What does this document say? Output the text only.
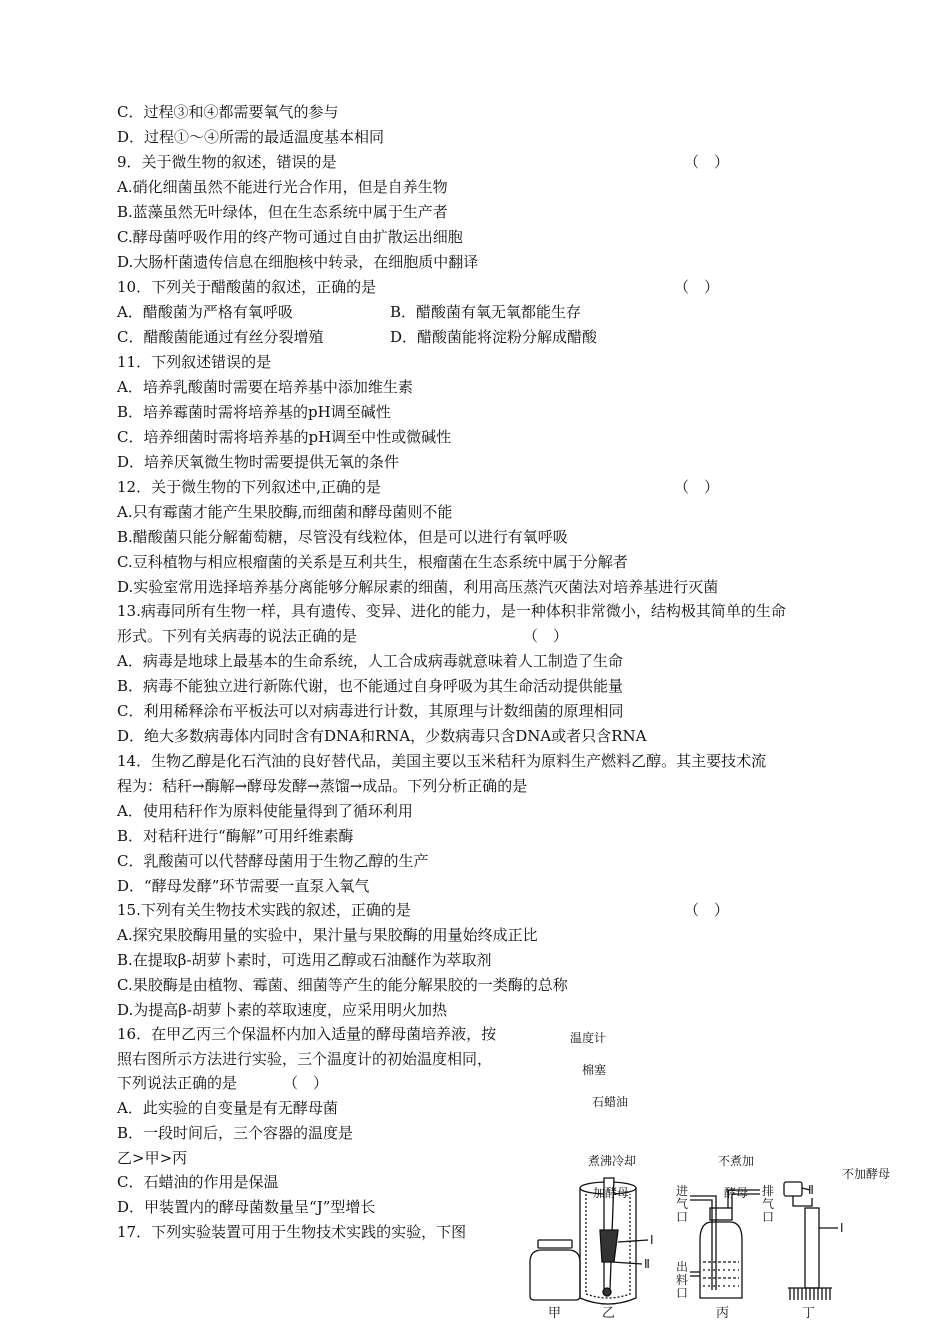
C．过程③和④都需要氧气的参与
D．过程①～④所需的最适温度基本相同
9．关于微生物的叙述，错误的是	（　）
A.硝化细菌虽然不能进行光合作用，但是自养生物
B.蓝藻虽然无叶绿体，但在生态系统中属于生产者
C.酵母菌呼吸作用的终产物可通过自由扩散运出细胞
D.大肠杆菌遗传信息在细胞核中转录，在细胞质中翻译
10．下列关于醋酸菌的叙述，正确的是	（　）
A．醋酸菌为严格有氧呼吸	B．醋酸菌有氧无氧都能生存
C．醋酸菌能通过有丝分裂增殖	D．醋酸菌能将淀粉分解成醋酸
11．下列叙述错误的是
A．培养乳酸菌时需要在培养基中添加维生素
B．培养霉菌时需将培养基的pH调至碱性
C．培养细菌时需将培养基的pH调至中性或微碱性
D．培养厌氧微生物时需要提供无氧的条件
12．关于微生物的下列叙述中,正确的是	（　）
A.只有霉菌才能产生果胶酶,而细菌和酵母菌则不能
B.醋酸菌只能分解葡萄糖，尽管没有线粒体，但是可以进行有氧呼吸
C.豆科植物与相应根瘤菌的关系是互利共生，根瘤菌在生态系统中属于分解者
D.实验室常用选择培养基分离能够分解尿素的细菌，利用高压蒸汽灭菌法对培养基进行灭菌
13.病毒同所有生物一样，具有遗传、变异、进化的能力，是一种体积非常微小，结构极其简单的生命
形式。下列有关病毒的说法正确的是	（　）
A．病毒是地球上最基本的生命系统，人工合成病毒就意味着人工制造了生命
B．病毒不能独立进行新陈代谢，也不能通过自身呼吸为其生命活动提供能量
C．利用稀释涂布平板法可以对病毒进行计数，其原理与计数细菌的原理相同
D．绝大多数病毒体内同时含有DNA和RNA，少数病毒只含DNA或者只含RNA
14．生物乙醇是化石汽油的良好替代品，美国主要以玉米秸秆为原料生产燃料乙醇。其主要技术流
程为：秸秆→酶解→酵母发酵→蒸馏→成品。下列分析正确的是
A．使用秸秆作为原料使能量得到了循环利用
B．对秸秆进行“酶解”可用纤维素酶
C．乳酸菌可以代替酵母菌用于生物乙醇的生产
D．“酵母发酵”环节需要一直泵入氧气
15.下列有关生物技术实践的叙述，正确的是	（　）
A.探究果胶酶用量的实验中，果汁量与果胶酶的用量始终成正比
B.在提取β-胡萝卜素时，可选用乙醇或石油醚作为萃取剂
C.果胶酶是由植物、霉菌、细菌等产生的能分解果胶的一类酶的总称
D.为提高β-胡萝卜素的萃取速度，应采用明火加热
16．在甲乙丙三个保温杯内加入适量的酵母菌培养液，按
照右图所示方法进行实验，三个温度计的初始温度相同，
下列说法正确的是	（　）
A．此实验的自变量是有无酵母菌
B．一段时间后，三个容器的温度是
乙>甲>丙
C．石蜡油的作用是保温
D．甲装置内的酵母菌数量呈“J”型增长
17．下列实验装置可用于生物技术实践的实验，下图
温度计
棉塞
石蜡油
煮沸冷却
加酵母
不煮加
酵母
不加酵母
进
气
口
排
气
口
出
料
口
Ⅰ
Ⅱ
Ⅱ
Ⅰ
甲	乙	丙	丁
